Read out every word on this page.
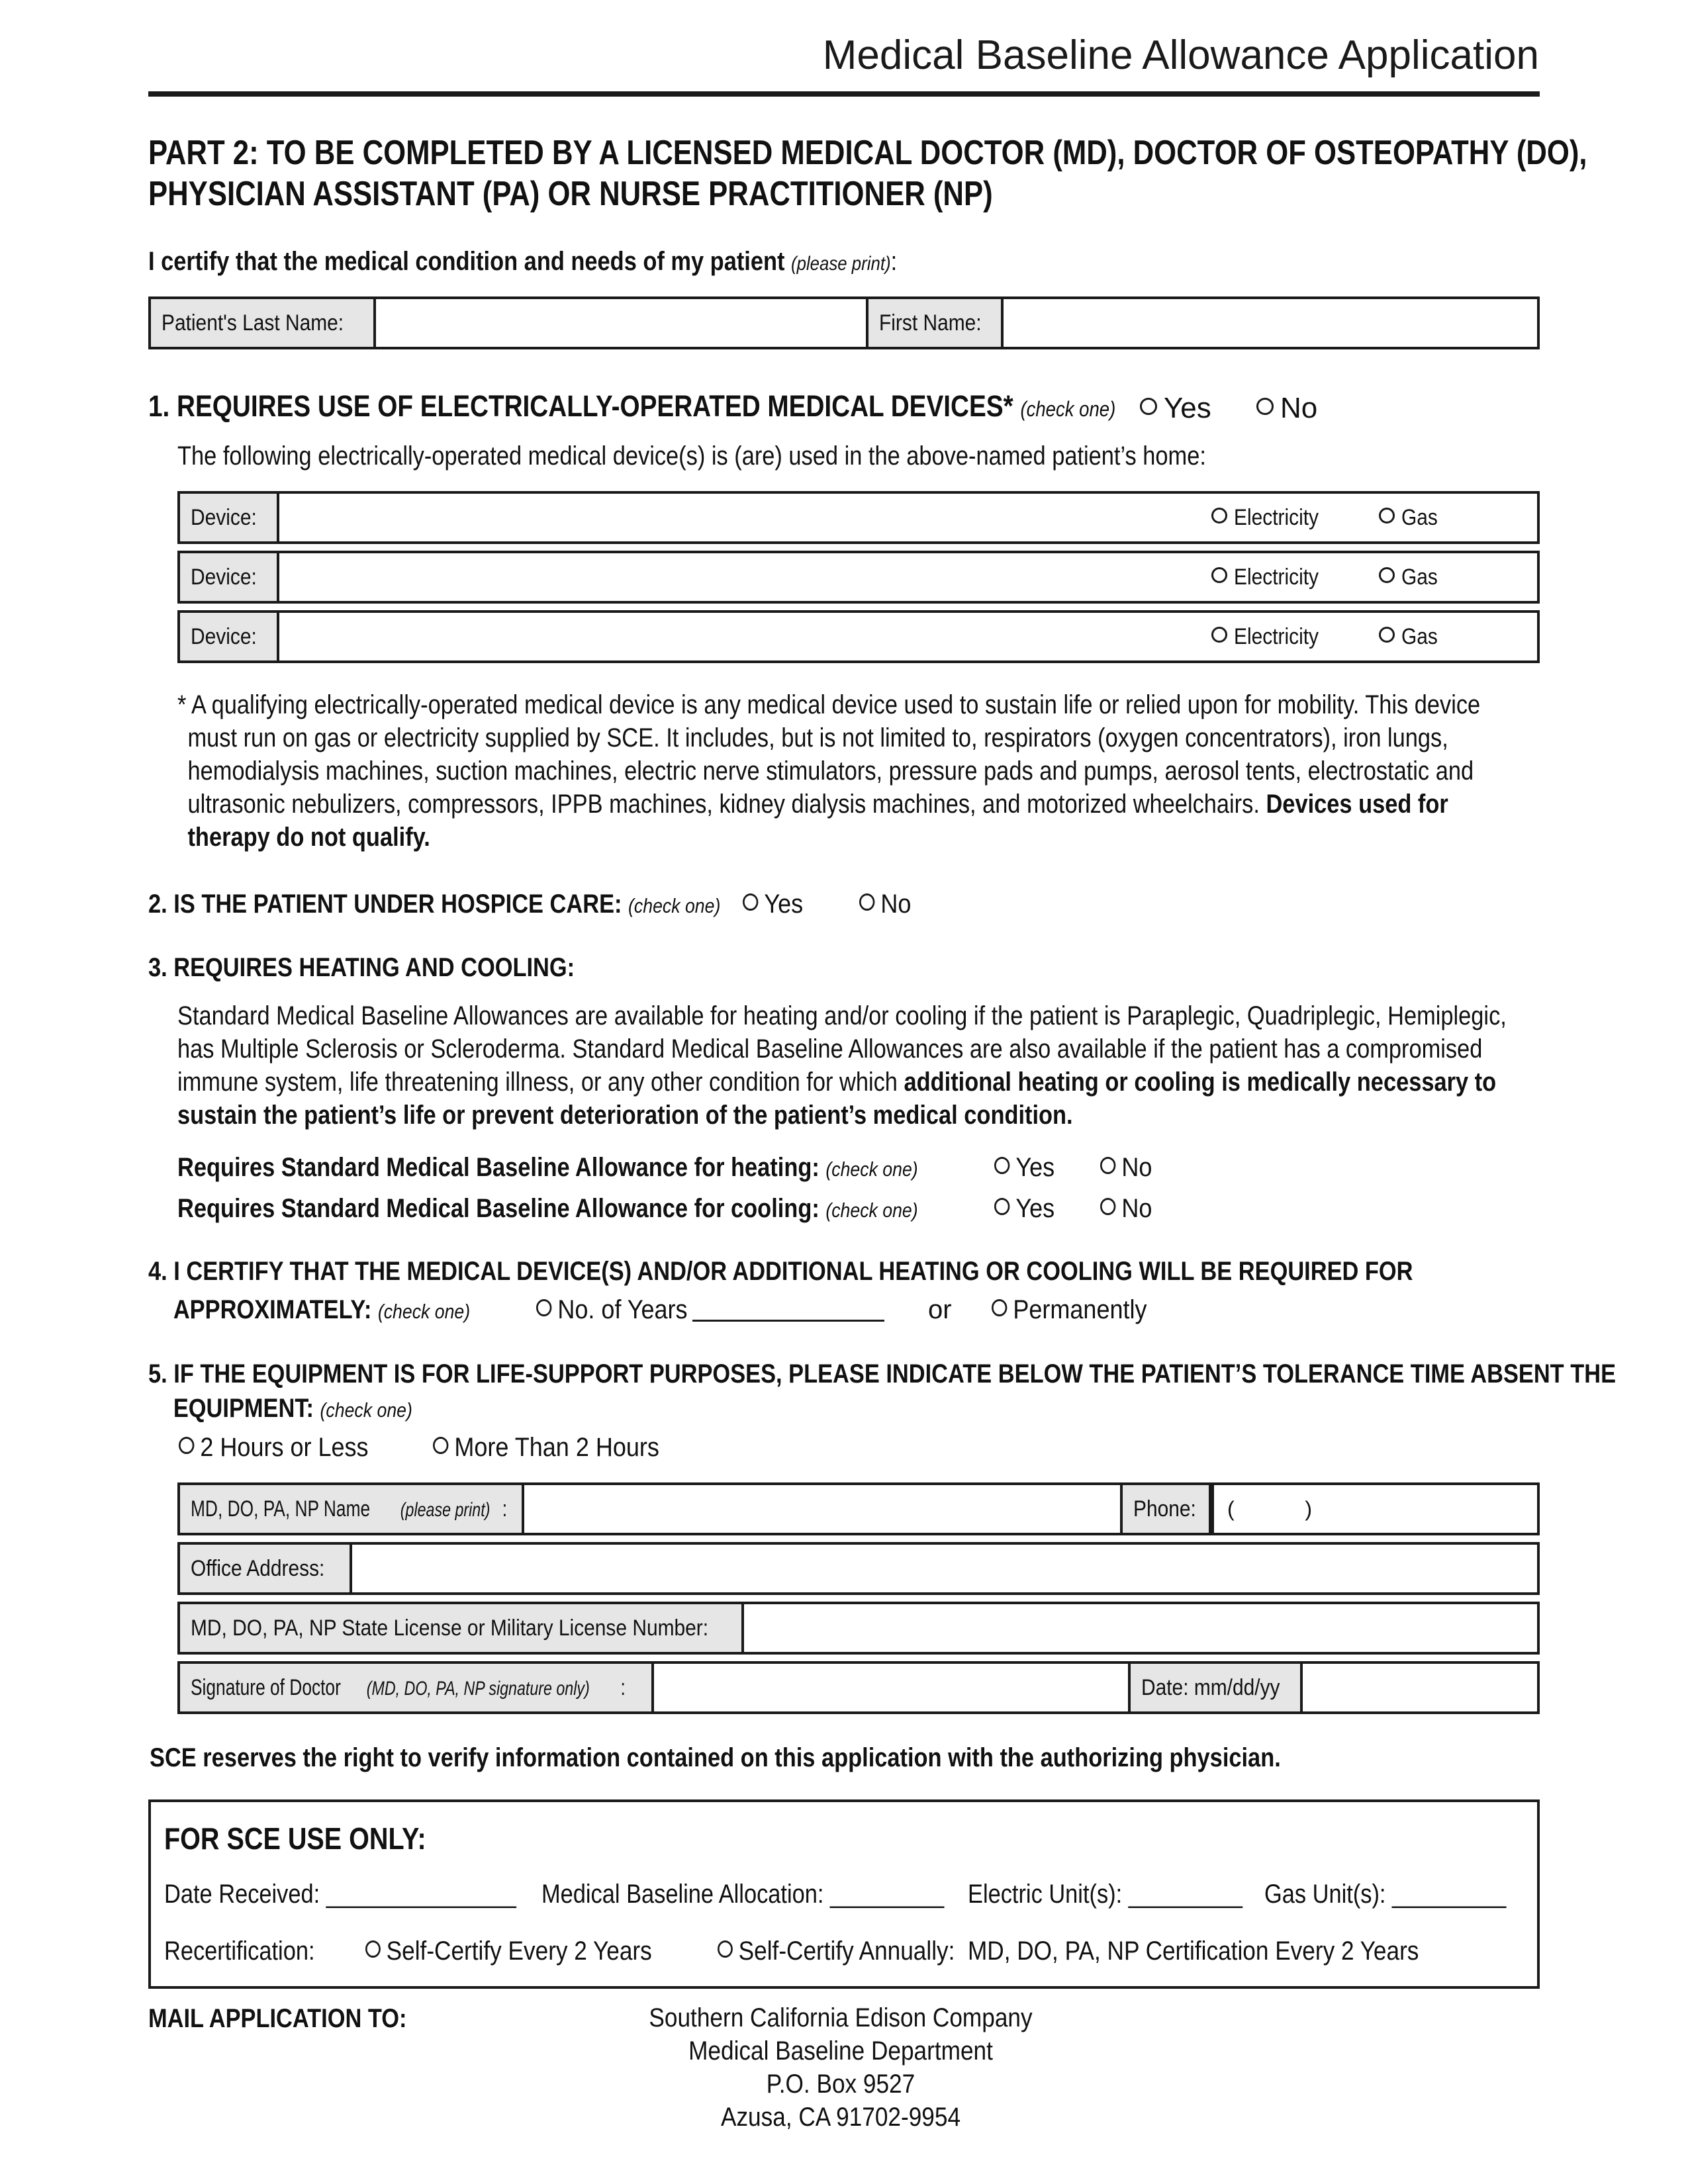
Medical Baseline Allowance Application
PART 2: TO BE COMPLETED BY A LICENSED MEDICAL DOCTOR (MD), DOCTOR OF OSTEOPATHY (DO),
PHYSICIAN ASSISTANT (PA) OR NURSE PRACTITIONER (NP)
I certify that the medical condition and needs of my patient (please print):
Patient's Last Name:	First Name:
1. REQUIRES USE OF ELECTRICALLY-OPERATED MEDICAL DEVICES* (check one) Yes
No
The following electrically-operated medical device(s) is (are) used in the above-named patient’s home:
Device:	Electricity	Gas
Device:	Electricity	Gas
Device:	Electricity	Gas
* A qualifying electrically-operated medical device is any medical device used to sustain life or relied upon for mobility. This device
must run on gas or electricity supplied by SCE. It includes, but is not limited to, respirators (oxygen concentrators), iron lungs,
hemodialysis machines, suction machines, electric nerve stimulators, pressure pads and pumps, aerosol tents, electrostatic and
ultrasonic nebulizers, compressors, IPPB machines, kidney dialysis machines, and motorized wheelchairs. Devices used for
therapy do not qualify.
2. IS THE PATIENT UNDER HOSPICE CARE: (check one) Yes
	No
3. REQUIRES HEATING AND COOLING:
Standard Medical Baseline Allowances are available for heating and/or cooling if the patient is Paraplegic, Quadriplegic, Hemiplegic,
has Multiple Sclerosis or Scleroderma. Standard Medical Baseline Allowances are also available if the patient has a compromised
immune system, life threatening illness, or any other condition for which additional heating or cooling is medically necessary to
sustain the patient’s life or prevent deterioration of the patient’s medical condition.
Requires Standard Medical Baseline Allowance for heating: (check one)	Yes
	No
Requires Standard Medical Baseline Allowance for cooling: (check one)	Yes
	No
4. I CERTIFY THAT THE MEDICAL DEVICE(S) AND/OR ADDITIONAL HEATING OR COOLING WILL BE REQUIRED FOR
APPROXIMATELY: (check one)	No. of Years	or Permanently
5. IF THE EQUIPMENT IS FOR LIFE-SUPPORT PURPOSES, PLEASE INDICATE BELOW THE PATIENT’S TOLERANCE TIME ABSENT THE
EQUIPMENT: (check one)
2 Hours or Less	More Than 2 Hours
MD, DO, PA, NP Name (please print) :	Phone: (            )
Office Address:
MD, DO, PA, NP State License or Military License Number:
Signature of Doctor (MD, DO, PA, NP signature only) :	Date: mm/dd/yy
SCE reserves the right to verify information contained on this application with the authorizing physician.
FOR SCE USE ONLY:
Date Received: _______________ Medical Baseline Allocation: _________ Electric Unit(s): _________ Gas Unit(s): _________
Recertification:	Self-Certify Every 2 Years	Self-Certify Annually:  MD, DO, PA, NP Certification Every 2 Years
MAIL APPLICATION TO:	Southern California Edison Company
Medical Baseline Department
P.O. Box 9527
Azusa, CA 91702-9954
